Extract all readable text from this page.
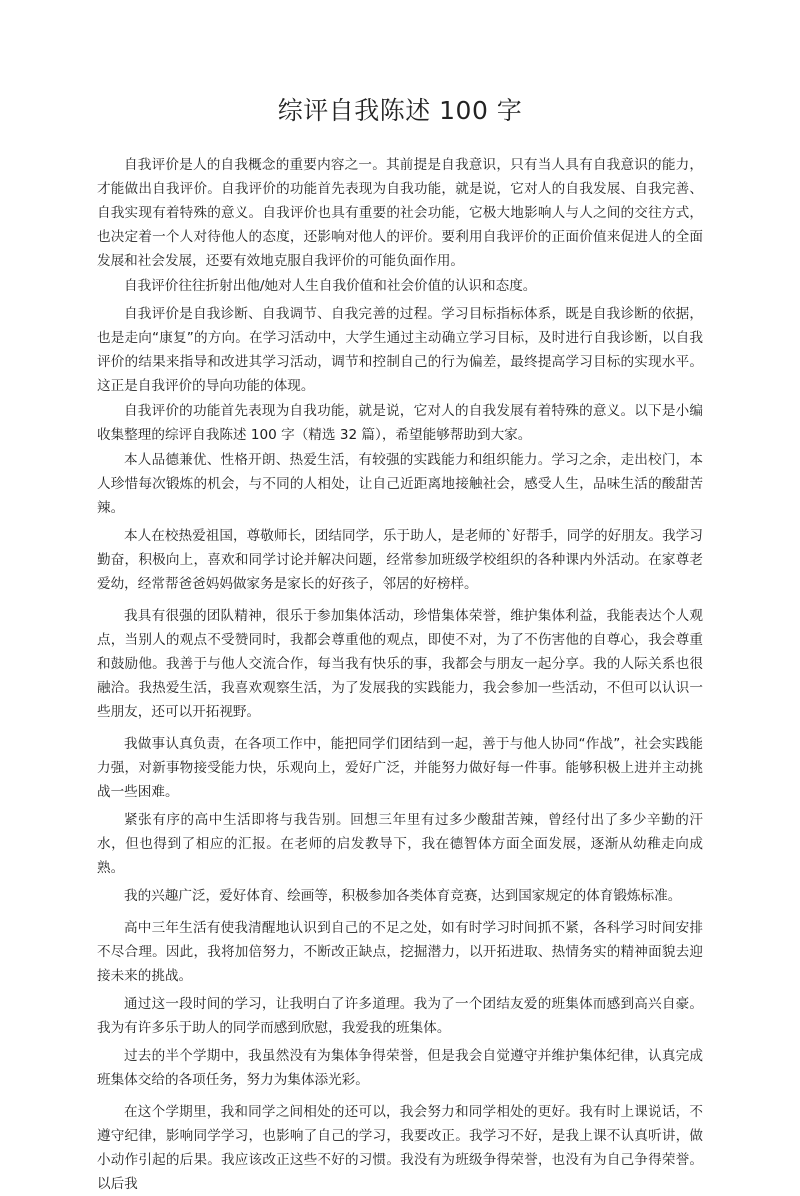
综评自我陈述 100 字

自我评价是人的自我概念的重要内容之一。其前提是自我意识，只有当人具有自我意识的能力，才能做出自我评价。自我评价的功能首先表现为自我功能，就是说，它对人的自我发展、自我完善、自我实现有着特殊的意义。自我评价也具有重要的社会功能，它极大地影响人与人之间的交往方式，也决定着一个人对待他人的态度，还影响对他人的评价。要利用自我评价的正面价值来促进人的全面发展和社会发展，还要有效地克服自我评价的可能负面作用。

自我评价往往折射出他/她对人生自我价值和社会价值的认识和态度。

自我评价是自我诊断、自我调节、自我完善的过程。学习目标指标体系，既是自我诊断的依据，也是走向“康复”的方向。在学习活动中，大学生通过主动确立学习目标，及时进行自我诊断，以自我评价的结果来指导和改进其学习活动，调节和控制自己的行为偏差，最终提高学习目标的实现水平。这正是自我评价的导向功能的体现。

自我评价的功能首先表现为自我功能，就是说，它对人的自我发展有着特殊的意义。以下是小编收集整理的综评自我陈述 100 字（精选 32 篇），希望能够帮助到大家。

本人品德兼优、性格开朗、热爱生活，有较强的实践能力和组织能力。学习之余，走出校门，本人珍惜每次锻炼的机会，与不同的人相处，让自己近距离地接触社会，感受人生，品味生活的酸甜苦辣。

本人在校热爱祖国，尊敬师长，团结同学，乐于助人，是老师的`好帮手，同学的好朋友。我学习勤奋，积极向上，喜欢和同学讨论并解决问题，经常参加班级学校组织的各种课内外活动。在家尊老爱幼，经常帮爸爸妈妈做家务是家长的好孩子，邻居的好榜样。

我具有很强的团队精神，很乐于参加集体活动，珍惜集体荣誉，维护集体利益，我能表达个人观点，当别人的观点不受赞同时，我都会尊重他的观点，即使不对，为了不伤害他的自尊心，我会尊重和鼓励他。我善于与他人交流合作，每当我有快乐的事，我都会与朋友一起分享。我的人际关系也很融洽。我热爱生活，我喜欢观察生活，为了发展我的实践能力，我会参加一些活动，不但可以认识一些朋友，还可以开拓视野。

我做事认真负责，在各项工作中，能把同学们团结到一起，善于与他人协同“作战”，社会实践能力强，对新事物接受能力快，乐观向上，爱好广泛，并能努力做好每一件事。能够积极上进并主动挑战一些困难。

紧张有序的高中生活即将与我告别。回想三年里有过多少酸甜苦辣，曾经付出了多少辛勤的汗水，但也得到了相应的汇报。在老师的启发教导下，我在德智体方面全面发展，逐渐从幼稚走向成熟。

我的兴趣广泛，爱好体育、绘画等，积极参加各类体育竞赛，达到国家规定的体育锻炼标准。

高中三年生活有使我清醒地认识到自己的不足之处，如有时学习时间抓不紧，各科学习时间安排不尽合理。因此，我将加倍努力，不断改正缺点，挖掘潜力，以开拓进取、热情务实的精神面貌去迎接未来的挑战。

通过这一段时间的学习，让我明白了许多道理。我为了一个团结友爱的班集体而感到高兴自豪。我为有许多乐于助人的同学而感到欣慰，我爱我的班集体。

过去的半个学期中，我虽然没有为集体争得荣誉，但是我会自觉遵守并维护集体纪律，认真完成班集体交给的各项任务，努力为集体添光彩。

在这个学期里，我和同学之间相处的还可以，我会努力和同学相处的更好。我有时上课说话，不遵守纪律，影响同学学习，也影响了自己的学习，我要改正。我学习不好，是我上课不认真听讲，做小动作引起的后果。我应该改正这些不好的习惯。我没有为班级争得荣誉，也没有为自己争得荣誉。以后我
